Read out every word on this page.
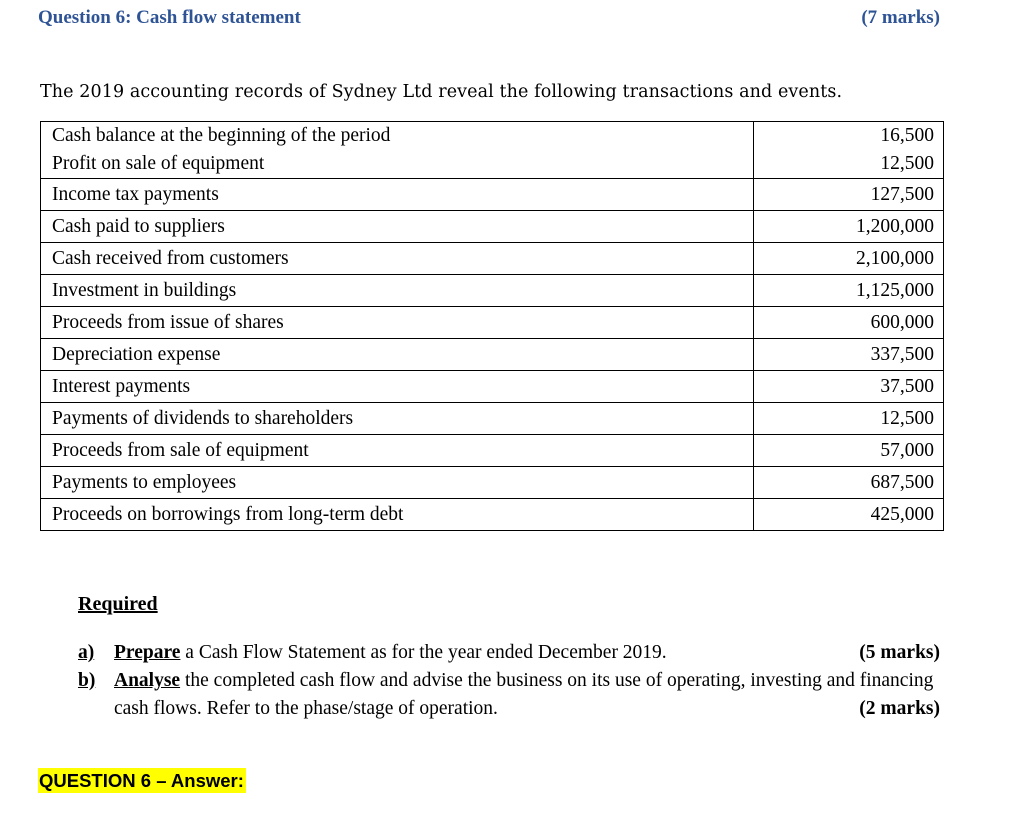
Question 6: Cash flow statement	(7 marks)
The 2019 accounting records of Sydney Ltd reveal the following transactions and events.
Cash balance at the beginning of the period	16,500
Profit on sale of equipment	12,500
Income tax payments	127,500
Cash paid to suppliers	1,200,000
Cash received from customers	2,100,000
Investment in buildings	1,125,000
Proceeds from issue of shares	600,000
Depreciation expense	337,500
Interest payments	37,500
Payments of dividends to shareholders	12,500
Proceeds from sale of equipment	57,000
Payments to employees	687,500
Proceeds on borrowings from long-term debt	425,000
Required
a)	(5 marks)
Prepare a Cash Flow Statement as for the year ended December 2019.
b) Analyse the completed cash flow and advise the business on its use of operating, investing and financing cash flows. Refer to the phase/stage of operation.	(2 marks)
QUESTION 6 – Answer:
